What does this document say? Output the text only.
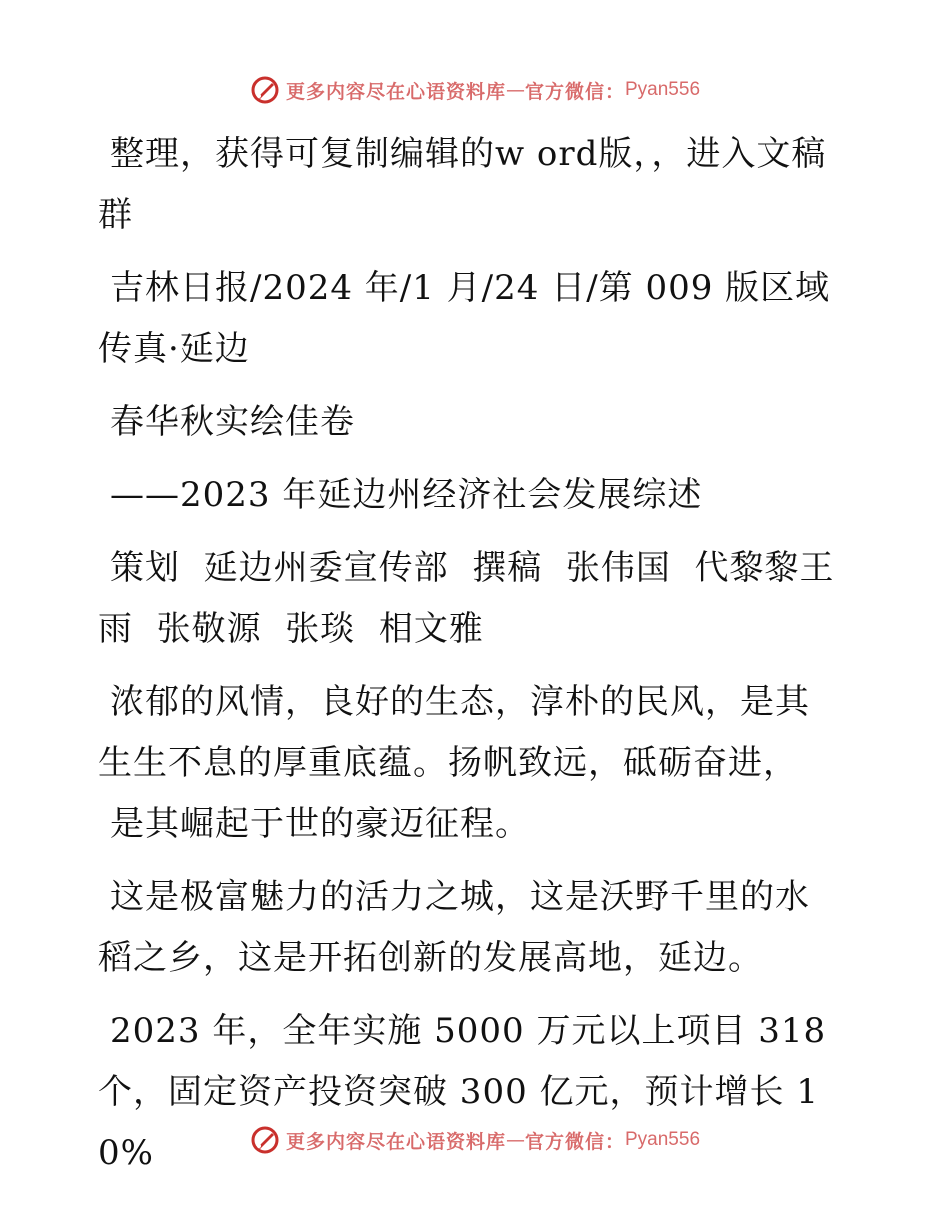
更多内容尽在心语资料库 — 官方微信： Pyan556

整理，获得可复制编辑的w ord版，，进入文稿群

吉林日报/2024 年/1 月/24 日/第 009 版区域传真·延边

春华秋实绘佳卷

——2023 年延边州经济社会发展综述

策划  延边州委宣传部  撰稿  张伟国  代黎黎王雨  张敬源  张琰  相文雅

浓郁的风情，良好的生态，淳朴的民风，是其生生不息的厚重底蕴。扬帆致远，砥砺奋进，

是其崛起于世的豪迈征程。

这是极富魅力的活力之城，这是沃野千里的水稻之乡，这是开拓创新的发展高地，延边。

2023 年，全年实施 5000 万元以上项目 318 个，固定资产投资突破 300 亿元，预计增长 10%	更多内容尽在心语资料库 — 官方微信： Pyan556
